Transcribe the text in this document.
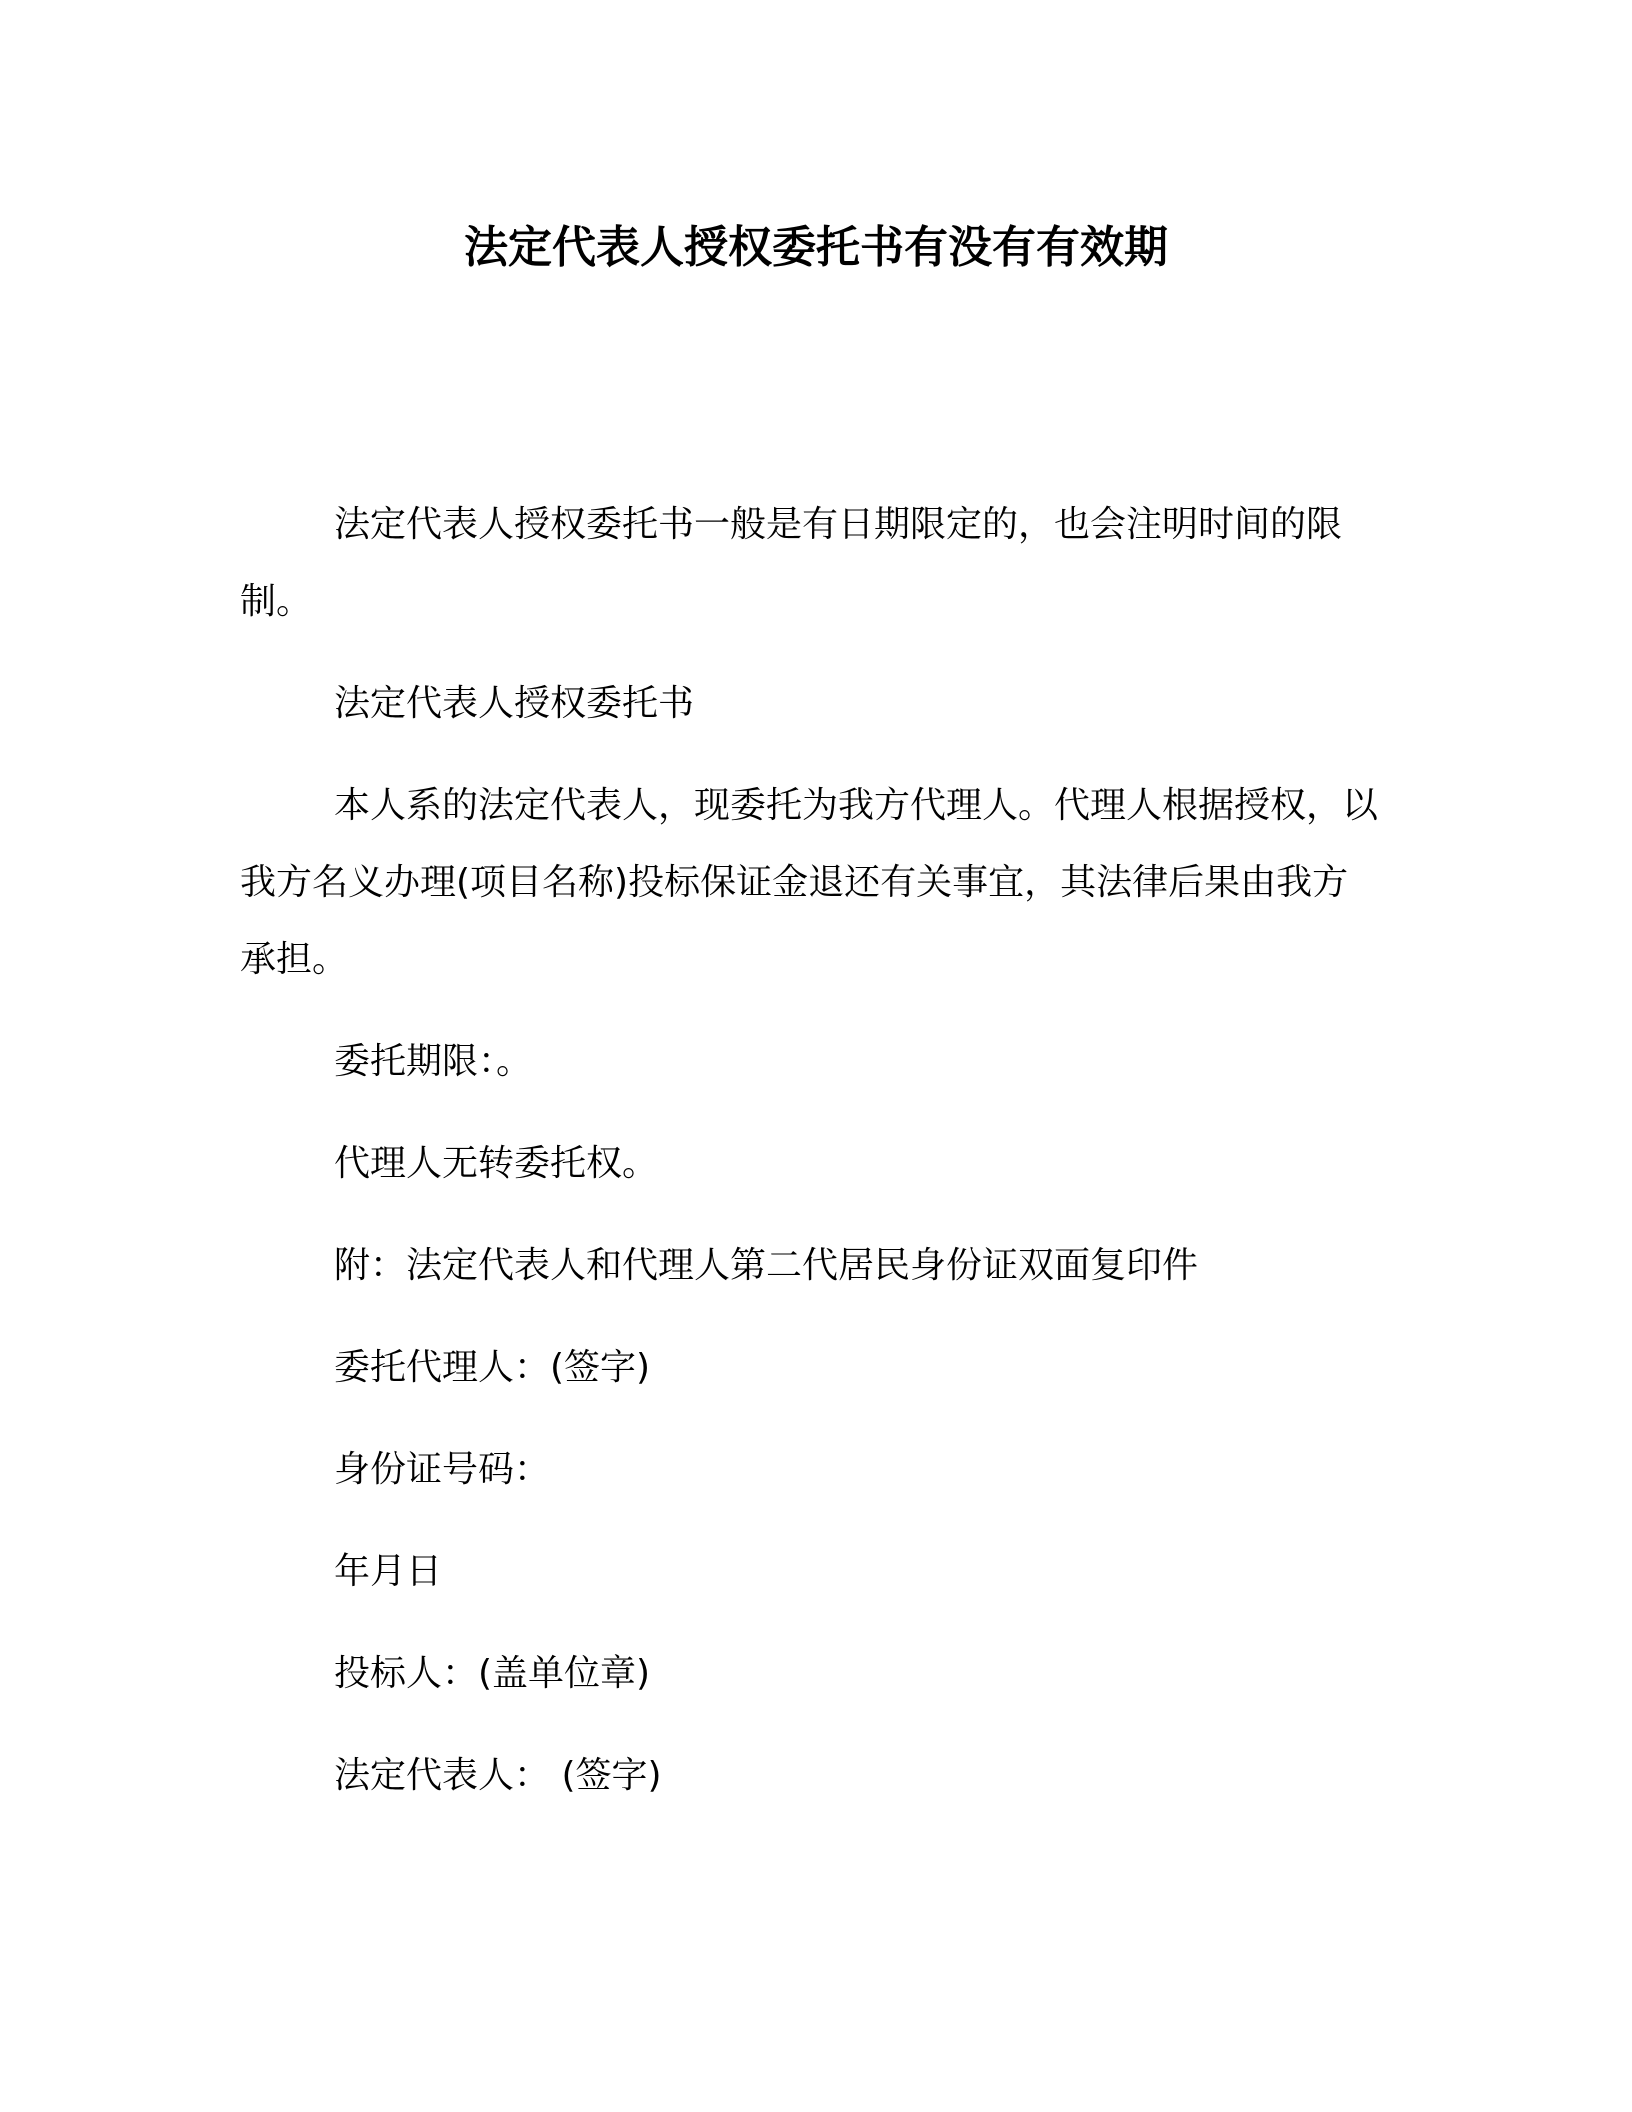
法定代表人授权委托书有没有有效期

法定代表人授权委托书一般是有日期限定的，也会注明时间的限制。

法定代表人授权委托书

本人系的法定代表人，现委托为我方代理人。代理人根据授权，以我方名义办理(项目名称)投标保证金退还有关事宜，其法律后果由我方承担。

委托期限：。

代理人无转委托权。

附：法定代表人和代理人第二代居民身份证双面复印件

委托代理人：(签字)

身份证号码：

年月日

投标人：(盖单位章)

法定代表人： (签字)
